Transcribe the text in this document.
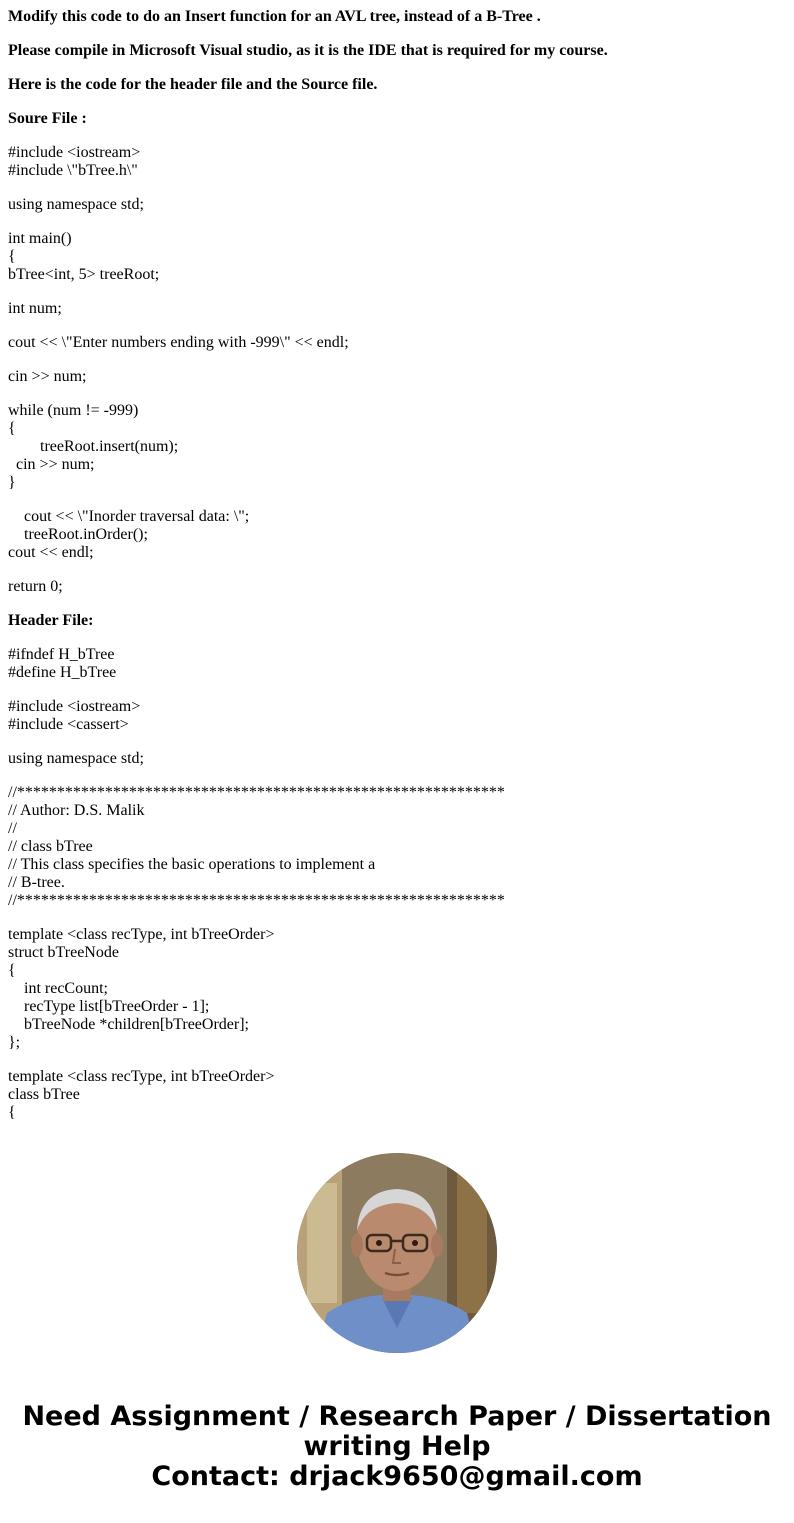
Modify this code to do an Insert function for an AVL tree, instead of a B-Tree .

Please compile in Microsoft Visual studio, as it is the IDE that is required for my course.

Here is the code for the header file and the Source file.

Soure File :

#include <iostream>
#include \"bTree.h\"

using namespace std;

int main()
{
bTree<int, 5> treeRoot;

int num;

cout << \"Enter numbers ending with -999\" << endl;

cin >> num;

while (num != -999)
{
treeRoot.insert(num);
cin >> num;
}

cout << \"Inorder traversal data: \";
treeRoot.inOrder();
cout << endl;

return 0;

Header File:

#ifndef H_bTree
#define H_bTree

#include <iostream>
#include <cassert>

using namespace std;

//*************************************************************
// Author: D.S. Malik
//
// class bTree
// This class specifies the basic operations to implement a
// B-tree.
//*************************************************************

template <class recType, int bTreeOrder>
struct bTreeNode
{
int recCount;
recType list[bTreeOrder - 1];
bTreeNode *children[bTreeOrder];
};

template <class recType, int bTreeOrder>
class bTree
{

Need Assignment / Research Paper / Dissertation
writing Help
Contact: drjack9650@gmail.com
